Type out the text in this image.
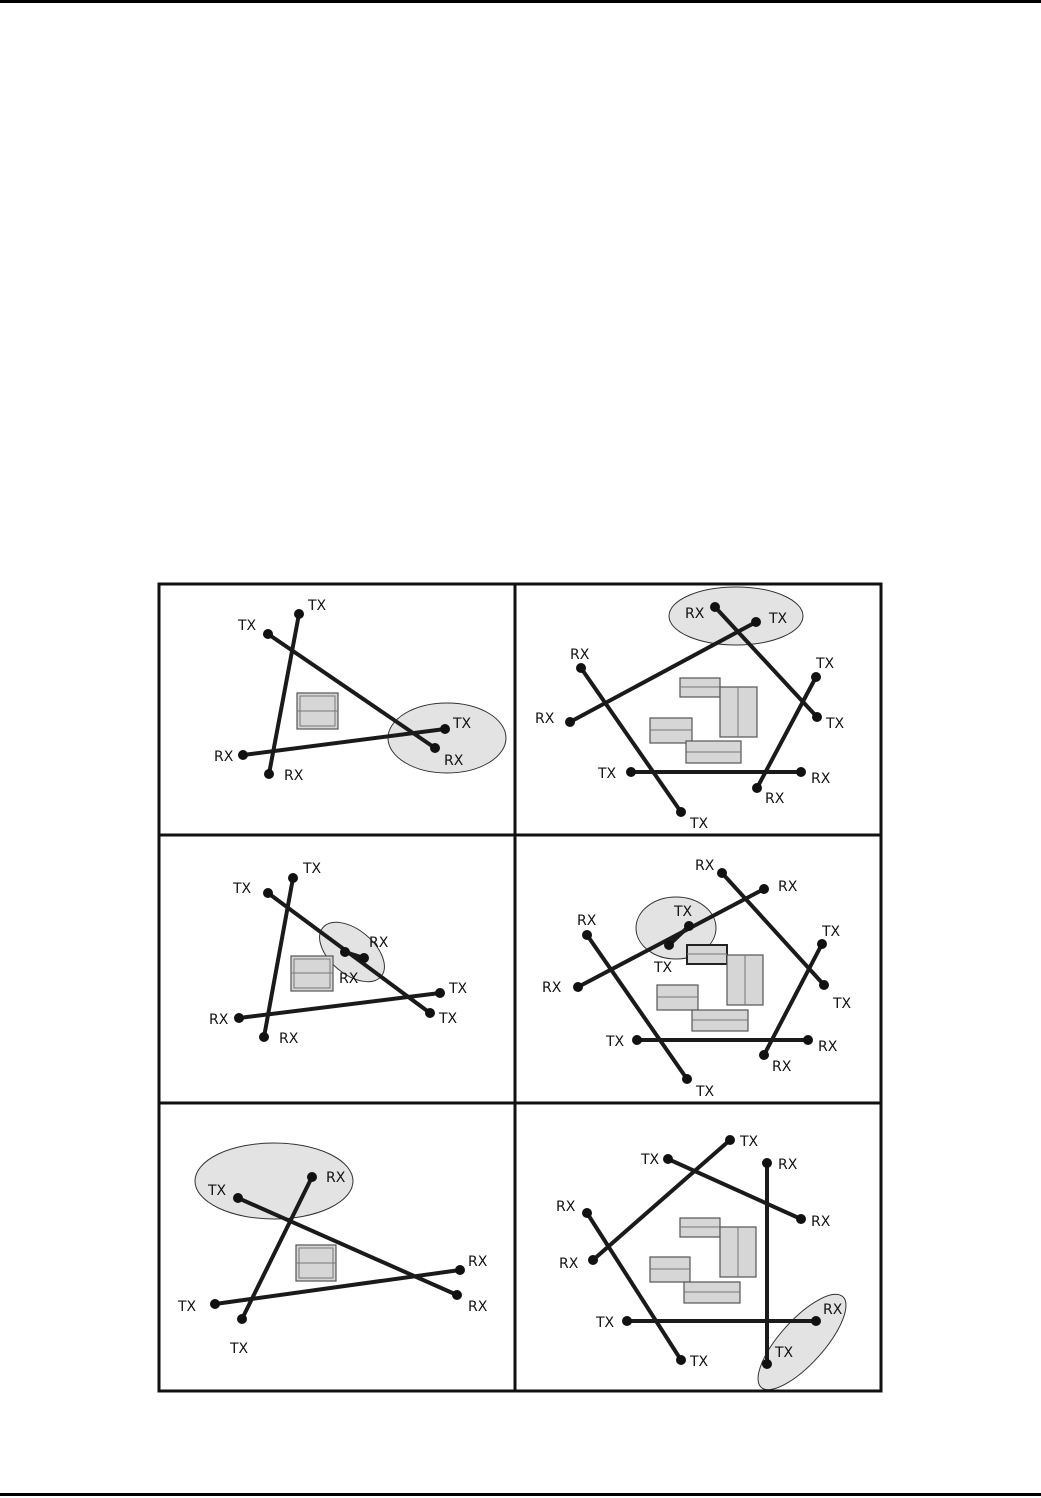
TX
TX
RX
RX
TX
RX
RX	TX
RX
TX
RX	TX
TX	RX
RX
TX
TX
TX
RX
RX
TX
TX
RX
RX
RX
RX
TX
RX
TX
TX
RX
TX
TX	RX
RX
TX
RX
TX
RX
RX
TX
TX
TX
TX	RX
RX
RX
RX
RX
TX
TX
TX
